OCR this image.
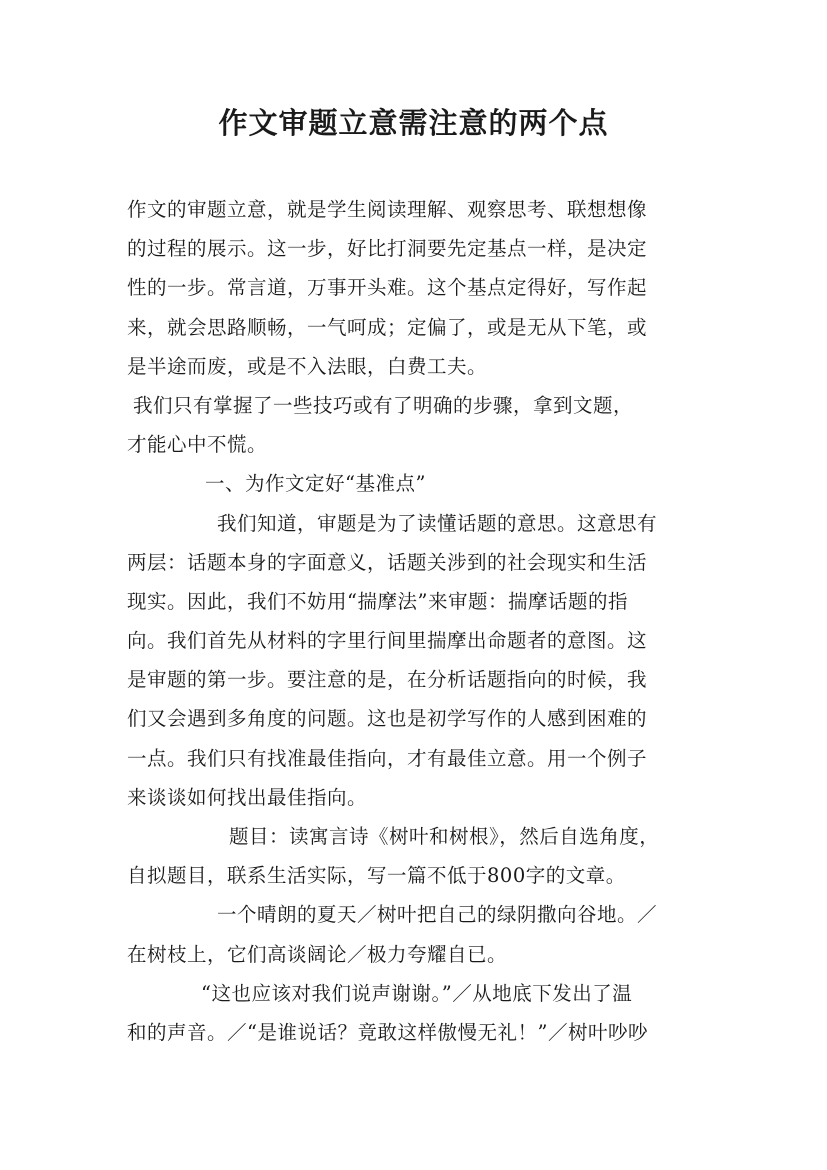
作文审题立意需注意的两个点
作文的审题立意，就是学生阅读理解、观察思考、联想想像
的过程的展示。这一步，好比打洞要先定基点一样，是决定
性的一步。常言道，万事开头难。这个基点定得好，写作起
来，就会思路顺畅，一气呵成；定偏了，或是无从下笔，或
是半途而废，或是不入法眼，白费工夫。
我们只有掌握了一些技巧或有了明确的步骤，拿到文题，
才能心中不慌。
一、为作文定好“基准点”
我们知道，审题是为了读懂话题的意思。这意思有
两层：话题本身的字面意义，话题关涉到的社会现实和生活
现实。因此，我们不妨用“揣摩法”来审题：揣摩话题的指
向。我们首先从材料的字里行间里揣摩出命题者的意图。这
是审题的第一步。要注意的是，在分析话题指向的时候，我
们又会遇到多角度的问题。这也是初学写作的人感到困难的
一点。我们只有找准最佳指向，才有最佳立意。用一个例子
来谈谈如何找出最佳指向。
题目：读寓言诗《树叶和树根》，然后自选角度，
自拟题目，联系生活实际，写一篇不低于800字的文章。
一个晴朗的夏天／树叶把自己的绿阴撒向谷地。／
在树枝上，它们高谈阔论／极力夸耀自已。
“这也应该对我们说声谢谢。”／从地底下发出了温
和的声音。／“是谁说话？竟敢这样傲慢无礼！”／树叶吵吵
